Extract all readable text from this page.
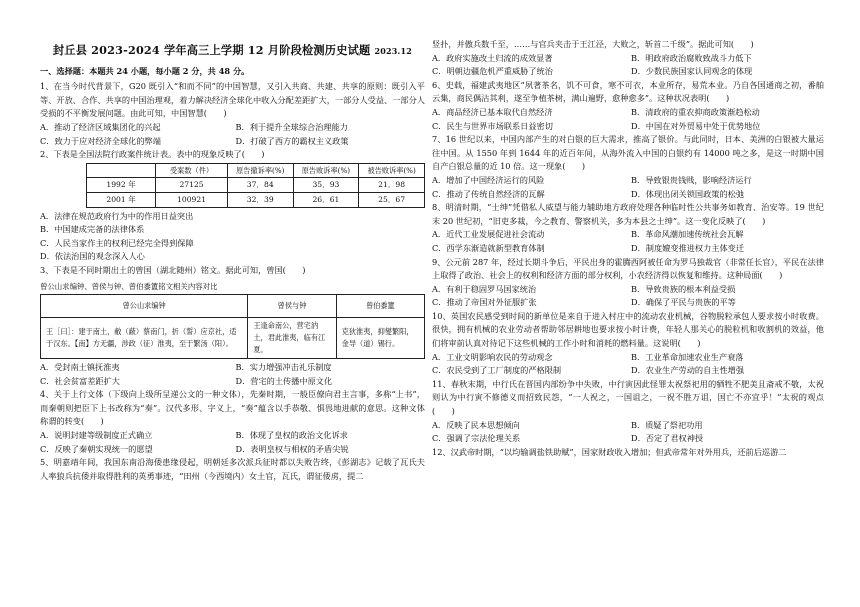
封丘县 2023-2024 学年高三上学期 12 月阶段检测历史试题 2023.12
一、选择题：本题共 24 小题，每小题 2 分，共 48 分。

1、在当今时代背景下，G20 既引入“和而不同”的中国智慧，又引入共商、共建、共享的原则：既引入平等、开放、合作、共享的中国治理观，着力解决经济全球化中收入分配差距扩大，一部分人受益、一部分人受损的不平衡发展问题。由此可知，中国智慧(　　)

A．推动了经济区域集团化的兴起	B．利于提升全球综合治理能力
C．致力于应对经济全球化的弊端	D．打破了西方的霸权主义政策

2、下表是全国法院行政案件统计表。表中的现象反映了(　　)

	受案数（件）	原告撤诉率(%)	原告败诉率(%)	被告败诉率(%)
1992 年	27125	37．84	35．93	21．98
2001 年	100921	32．39	26．61	25．67
A．法律在规范政府行为中的作用日益突出
B．中国建成完备的法律体系
C．人民当家作主的权利已经完全得到保障
D．依法治国的观念深入人心

3、下表是不同时期出土的曾国（湖北随州）铭文。据此可知，曾国(　　)

曾公山求编钟、曾侯与钟、曾伯黍簠铭文相关内容对比
曾公山求编钟	曾侯与钟	曾伯黍簠
王［曰］：建于南土，敝（蔽）蔡南门，折（誓）应京社，适于汉东。【南】方无疆，涉政（征）淮夷，至于繁汤（阳）。	王逢命南公，营宅汭土，君此淮夷，临有江夏。	克狄淮夷，抑燮繁阳，金导（道）锡行。
A．受封南土镇抚淮夷	B．实力增强冲击礼乐制度
C．社会贫富差距扩大	D．营宅的土传播中原文化

4、关于上行文体（下级向上级所呈递公文的一种文体），先秦时期，一般臣僚向君主言事，多称“上书”，而秦朝则把臣下上书改称为“奏”。汉代多形、字义上，“奏”蕴含以手恭敬、惧畏地进献的意思。这种文体称谓的转变(　　)

A．说明封建等级制度正式确立	B．体现了皇权的政治文化诉求
C．反映了秦朝实现统一的愿望	D．表明皇权与相权的矛盾尖锐

5、明嘉靖年间，我国东南沿海倭患缘侵起，明朝廷多次派兵征时都以失败告终，《彭湖志》记载了瓦氏夫人率狼兵抗倭并取得胜利的英勇事迹，“田州（今西境内）女土官，瓦氏，谓征倭虏，提二

竖扑，并傲兵数千至，……与官兵夹击于王江泾，大败之，斩首二千级”。据此可知(　　)

A．政府实施改土归流的成效显著	B．明政府政治腐败致战斗力低下
C．明朝边疆危机严重威胁了统治	D．少数民族国家认同观念的体现

6、史载，福建武夷地区“夙著茶名，饥不可食，寒不可衣，本业所存，易荒本业。乃自各国通商之初，番舶云集，商民偶沾其利，遂至争植茶树，满山遍野，愈种愈多”。这种状况表明(　　)

A．商品经济已基本取代自然经济	B．清政府的重农抑商政策渐趋松动
C．民生与世界市场联系日益密切	D．中国在对外贸易中处于优势地位

7、16 世纪以来，中国内部产生的对白银的巨大需求，推高了银价。与此同时，日本、美洲的白银被大量运往中国。从 1550 年到 1644 年的近百年间，从海外流入中国的白银约有 14000 吨之多，是这一时期中国自产白银总量的近 10 倍。这一现象(　　)

A．增加了中国经济运行的风险	B．导致银贵钱贱，影响经济运行
C．推动了传统自然经济的瓦解	D．体现出闭关锁国政策的松弛

8、明清时期，“士绅”凭借私人威望与能力辅助地方政府处理各种临时性公共事务如教育、治安等。19 世纪末 20 世纪初，“旧吏多裁，今之教育、警察机关，多为本县之士绅”。这一变化反映了(　　)

A．近代工业发展促进社会流动	B．革命风潮加速传统社会瓦解
C．西学东渐造就新型教育体制	D．制度嬗变推进权力主体变迁

9、公元前 287 年，经过长期斗争后，平民出身的霍腾西阿被任命为罗马独裁官（非常任长官），平民在法律上取得了政治、社会上的权利和经济方面的部分权利，小农经济得以恢复和维持。这种局面(　　)

A．有利于稳固罗马国家统治	B．导致贵族的根本利益受损
C．推动了帝国对外征服扩张	D．确保了平民与贵族的平等

10、英国农民感受到时间的新单位是来自于进入村庄中的流动农业机械，谷物脱粒承包人要求按小时收费。很快，拥有机械的农业劳动者帮助邻居耕地也要求按小时计费，年轻人那关心的脱粒机和收割机的效益，他们将审前认真对待记下这些机械的工作小时和消耗的燃料量。这说明(　　)

A．工业文明影响农民的劳动观念	B．工业革命加速农业生产衰落
C．农民受到了工厂制度的严格限制	D．农业生产劳动的自主性增强

11、春秋末期，中行氏在晋国内部纷争中失败，中行寅因此怪罪太祝祭祀用的牺牲不肥美且斋戒不敬，太祝则认为中行寅不修德义而招致民怨，“一人祝之，一国诅之，一祝不胜万诅，国亡不亦宜乎！”太祝的观点(　　)

A．反映了民本思想倾向	B．质疑了祭祀功用
C．强调了宗法伦理关系	D．否定了君权神授

12、汉武帝时期，“以均输调盐铁助赋”，国家财政收入增加；但武帝常年对外用兵，还前后巡游二
